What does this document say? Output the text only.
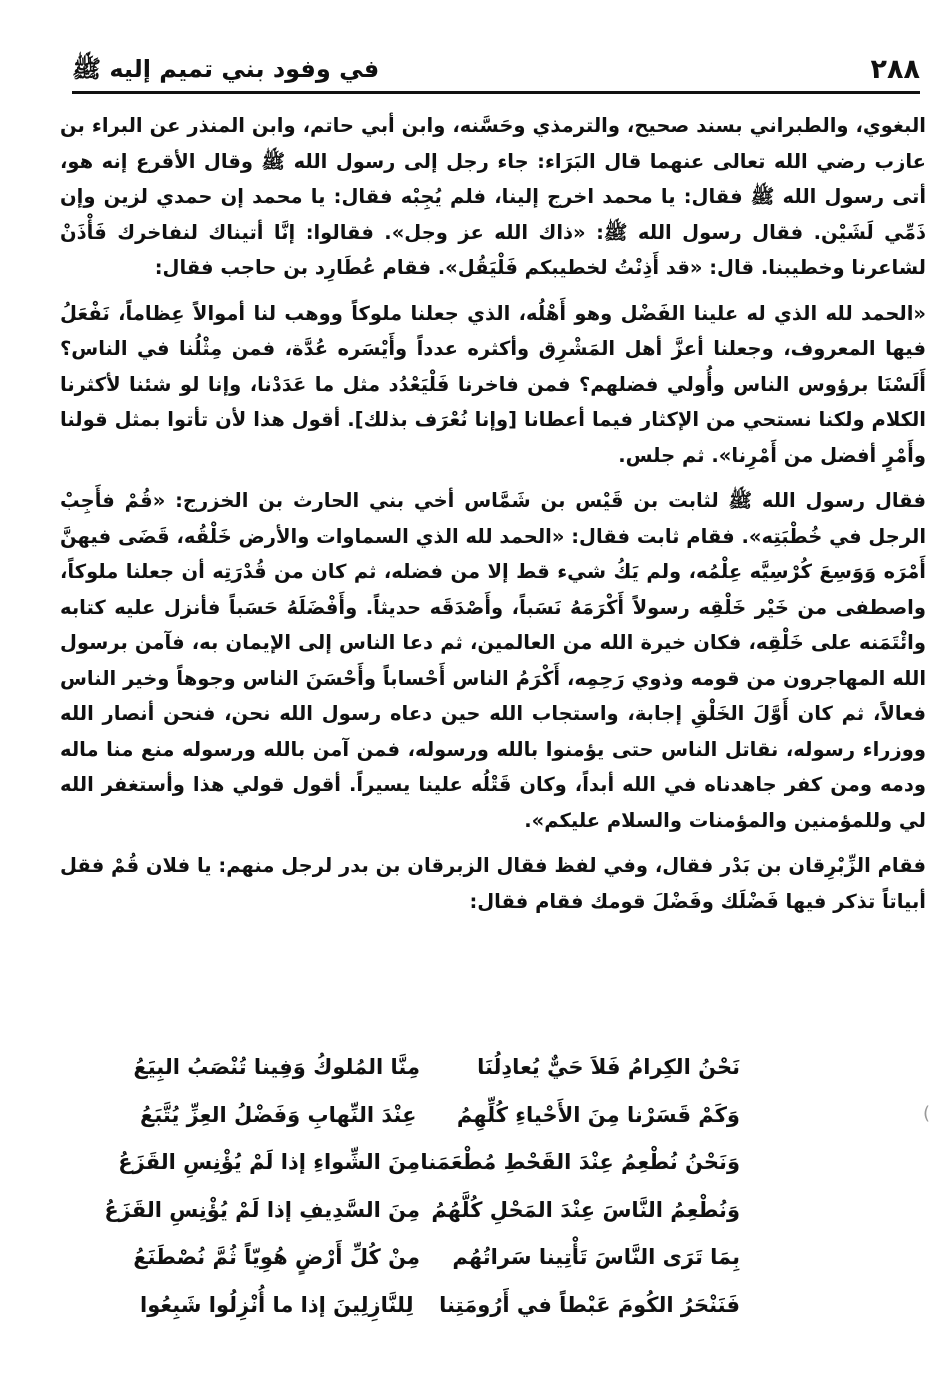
٢٨٨
في وفود بني تميم إليه ﷺ

البغوي، والطبراني بسند صحيح، والترمذي وحَسَّنه، وابن أبي حاتم، وابن المنذر عن البراء بن عازب رضي الله تعالى عنهما قال البَرَاء: جاء رجل إلى رسول الله ﷺ وقال الأقرع إنه هو، أتى رسول الله ﷺ فقال: يا محمد اخرج إلينا، فلم يُجِبْه فقال: يا محمد إن حمدي لزين وإن ذَمِّي لَشَيْن. فقال رسول الله ﷺ: «ذاك الله عز وجل». فقالوا: إنَّا أتيناك لنفاخرك فَأْذَنْ لشاعرنا وخطيبنا. قال: «قد أَذِنْتُ لخطيبكم فَلْيَقُل». فقام عُطَارِد بن حاجب فقال:

«الحمد لله الذي له علينا الفَضْل وهو أَهْلُه، الذي جعلنا ملوكاً ووهب لنا أموالاً عِظاماً، نَفْعَلُ فيها المعروف، وجعلنا أعزَّ أهل المَشْرِق وأكثره عدداً وأَيْسَره عُدَّة، فمن مِثْلُنا في الناس؟ أَلَسْنَا برؤوس الناس وأُولي فضلهم؟ فمن فاخرنا فَلْيَعْدُد مثل ما عَدَدْنا، وإنا لو شئنا لأكثرنا الكلام ولكنا نستحي من الإكثار فيما أعطانا [وإنا نُعْرَف بذلك]. أقول هذا لأن تأتوا بمثل قولنا وأَمْرٍ أفضل من أَمْرِنا». ثم جلس.

فقال رسول الله ﷺ لثابت بن قَيْس بن شَمَّاس أخي بني الحارث بن الخزرج: «قُمْ فأَجِبْ الرجل في خُطْبَتِه». فقام ثابت فقال: «الحمد لله الذي السماوات والأرض خَلْقُه، قَضَى فيهنَّ أَمْرَه وَوَسِعَ كُرْسِيَّه عِلْمُه، ولم يَكُ شيء قط إلا من فضله، ثم كان من قُدْرَتِه أن جعلنا ملوكاً، واصطفى من خَيْر خَلْقِه رسولاً أَكْرَمَهُ نَسَباً، وأَصْدَقَه حديثاً. وأَفْضَلَهُ حَسَباً فأنزل عليه كتابه وائْتَمَنه على خَلْقِه، فكان خيرة الله من العالمين، ثم دعا الناس إلى الإيمان به، فآمن برسول الله المهاجرون من قومه وذوي رَحِمِه، أَكْرَمُ الناس أَحْساباً وأَحْسَنَ الناس وجوهاً وخير الناس فعالاً، ثم كان أَوَّلَ الخَلْقِ إجابة، واستجاب الله حين دعاه رسول الله نحن، فنحن أنصار الله ووزراء رسوله، نقاتل الناس حتى يؤمنوا بالله ورسوله، فمن آمن بالله ورسوله منع منا ماله ودمه ومن كفر جاهدناه في الله أبداً، وكان قَتْلُه علينا يسيراً. أقول قولي هذا وأستغفر الله لي وللمؤمنين والمؤمنات والسلام عليكم».

فقام الزِّبْرِقان بن بَدْر فقال، وفي لفظ فقال الزبرقان بن بدر لرجل منهم: يا فلان قُمْ فقل أبياتاً تذكر فيها فَضْلَك وفَضْلَ قومك فقام فقال:

نَحْنُ الكِرامُ فَلاَ حَيٌّ يُعادِلُنَا
مِنَّا المُلوكُ وَفِينا تُنْصَبُ البِيَعُ
وَكَمْ قَسَرْنا مِنَ الأَحْياءِ كُلِّهِمُ
عِنْدَ النِّهابِ وَفَضْلُ العِزِّ يُتَّبَعُ
وَنَحْنُ نُطْعِمُ عِنْدَ القَحْطِ مُطْعَمَنا
مِنَ الشِّواءِ إذا لَمْ يُؤْنِسِ القَزَعُ
وَنُطْعِمُ النَّاسَ عِنْدَ المَحْلِ كُلَّهُمُ
مِنَ السَّدِيفِ إذا لَمْ يُؤْنِسِ القَزَعُ
بِمَا تَرَى النَّاسَ تَأْتِينا سَراتُهُم
مِنْ كُلِّ أَرْضٍ هُوِيّاً ثُمَّ نُصْطَنَعُ
فَنَنْحَرُ الكُومَ عَبْطاً في أَرُومَتِنا
لِلنَّازِلِينَ إذا ما أُنْزِلُوا شَبِعُوا
)
